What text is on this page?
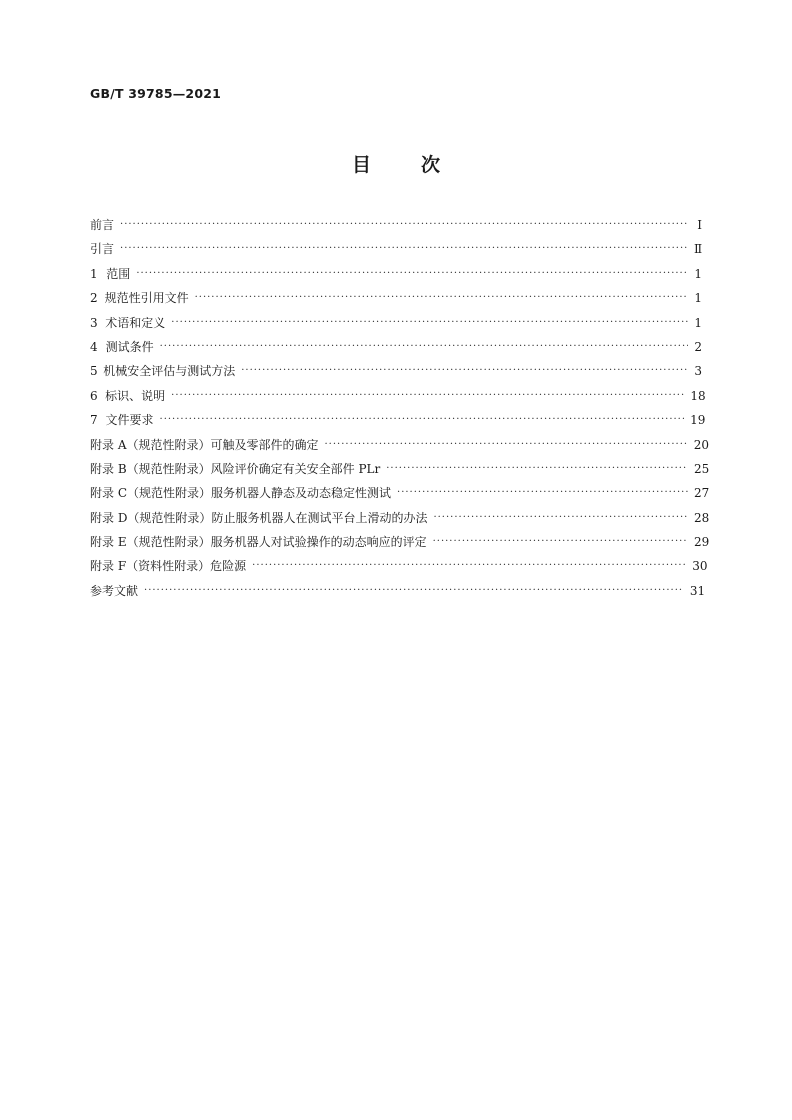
GB/T 39785—2021
目	次
前言 ·····	Ⅰ
引言 ·····	Ⅱ
1 范围 ·····	1
2 规范性引用文件 ·····	1
3 术语和定义 ·····	1
4 测试条件 ·····	2
5 机械安全评估与测试方法 ·····	3
6 标识、说明 ·····	18
7 文件要求 ·····	19
附录 A（规范性附录） 可触及零部件的确定 ·····	20
附录 B（规范性附录） 风险评价确定有关安全部件 PLr ·····	25
附录 C（规范性附录） 服务机器人静态及动态稳定性测试 ·····	27
附录 D（规范性附录） 防止服务机器人在测试平台上滑动的办法 ·····	28
附录 E（规范性附录） 服务机器人对试验操作的动态响应的评定 ·····	29
附录 F（资料性附录） 危险源 ·····	30
参考文献 ·····	31
